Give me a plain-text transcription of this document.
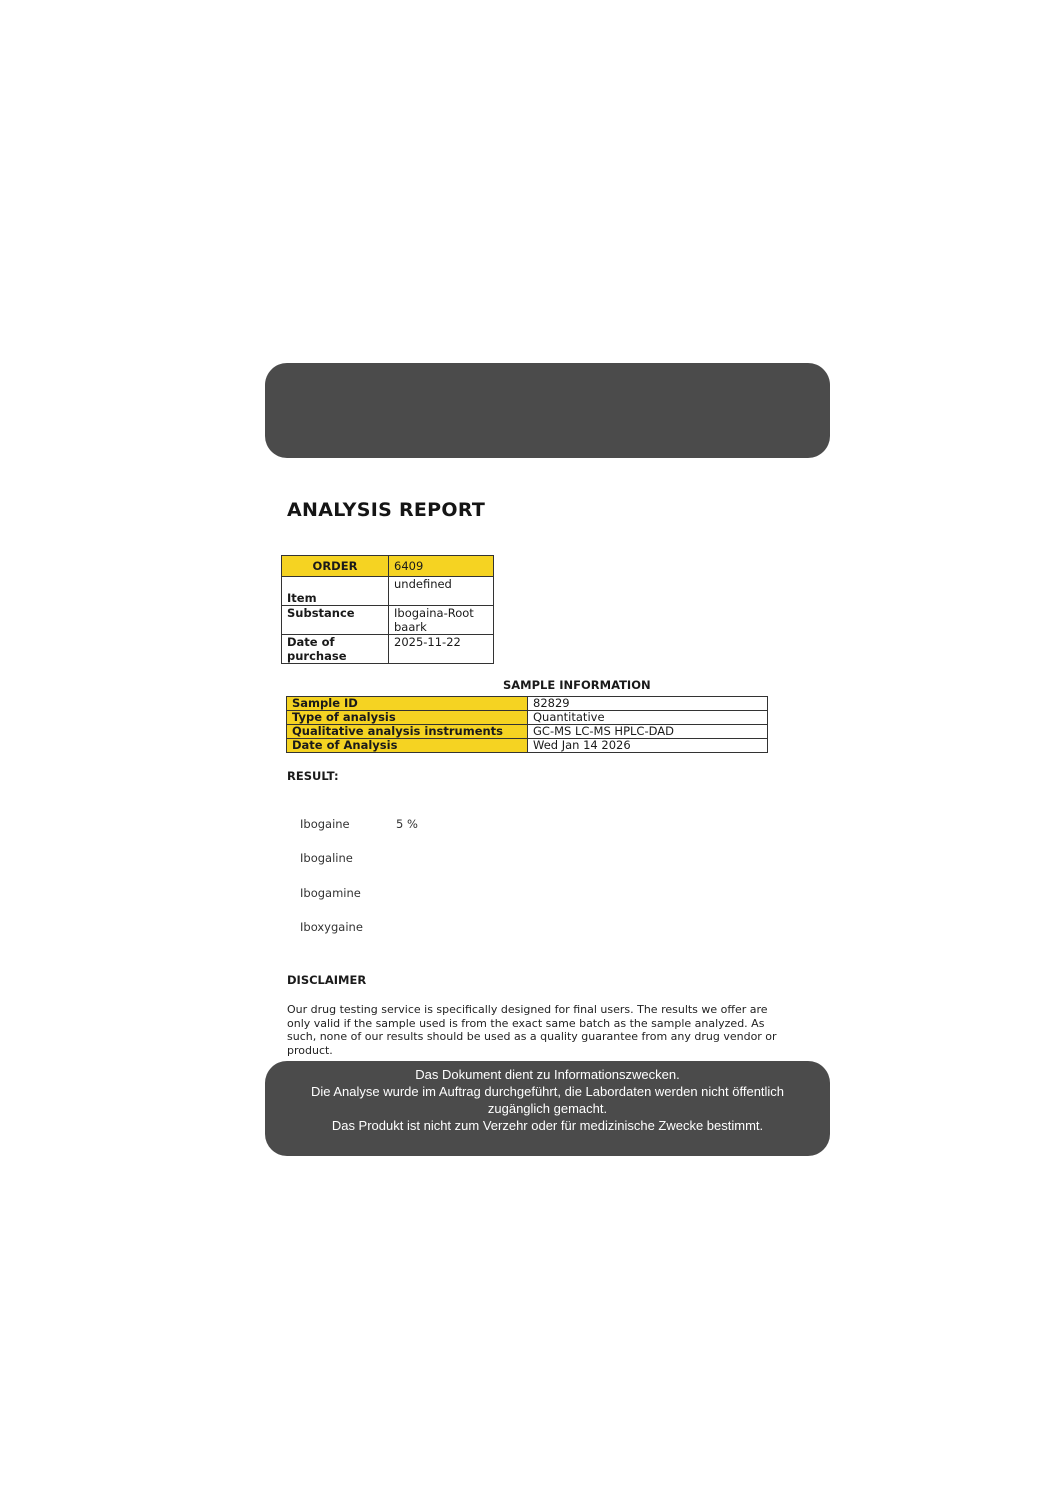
ANALYSIS REPORT
ORDER	6409
Item	undefined
Substance	Ibogaina-Root baark
Date of purchase	2025-11-22
SAMPLE INFORMATION
Sample ID	82829
Type of analysis	Quantitative
Qualitative analysis instruments	GC-MS LC-MS HPLC-DAD
Date of Analysis	Wed Jan 14 2026
RESULT:
Ibogaine	5 %
Ibogaline
Ibogamine
Iboxygaine
DISCLAIMER

Our drug testing service is specifically designed for final users. The results we offer are only valid if the sample used is from the exact same batch as the sample analyzed. As such, none of our results should be used as a quality guarantee from any drug vendor or product.

Das Dokument dient zu Informationszwecken.

Die Analyse wurde im Auftrag durchgeführt, die Labordaten werden nicht öffentlich zugänglich gemacht.

Das Produkt ist nicht zum Verzehr oder für medizinische Zwecke bestimmt.
